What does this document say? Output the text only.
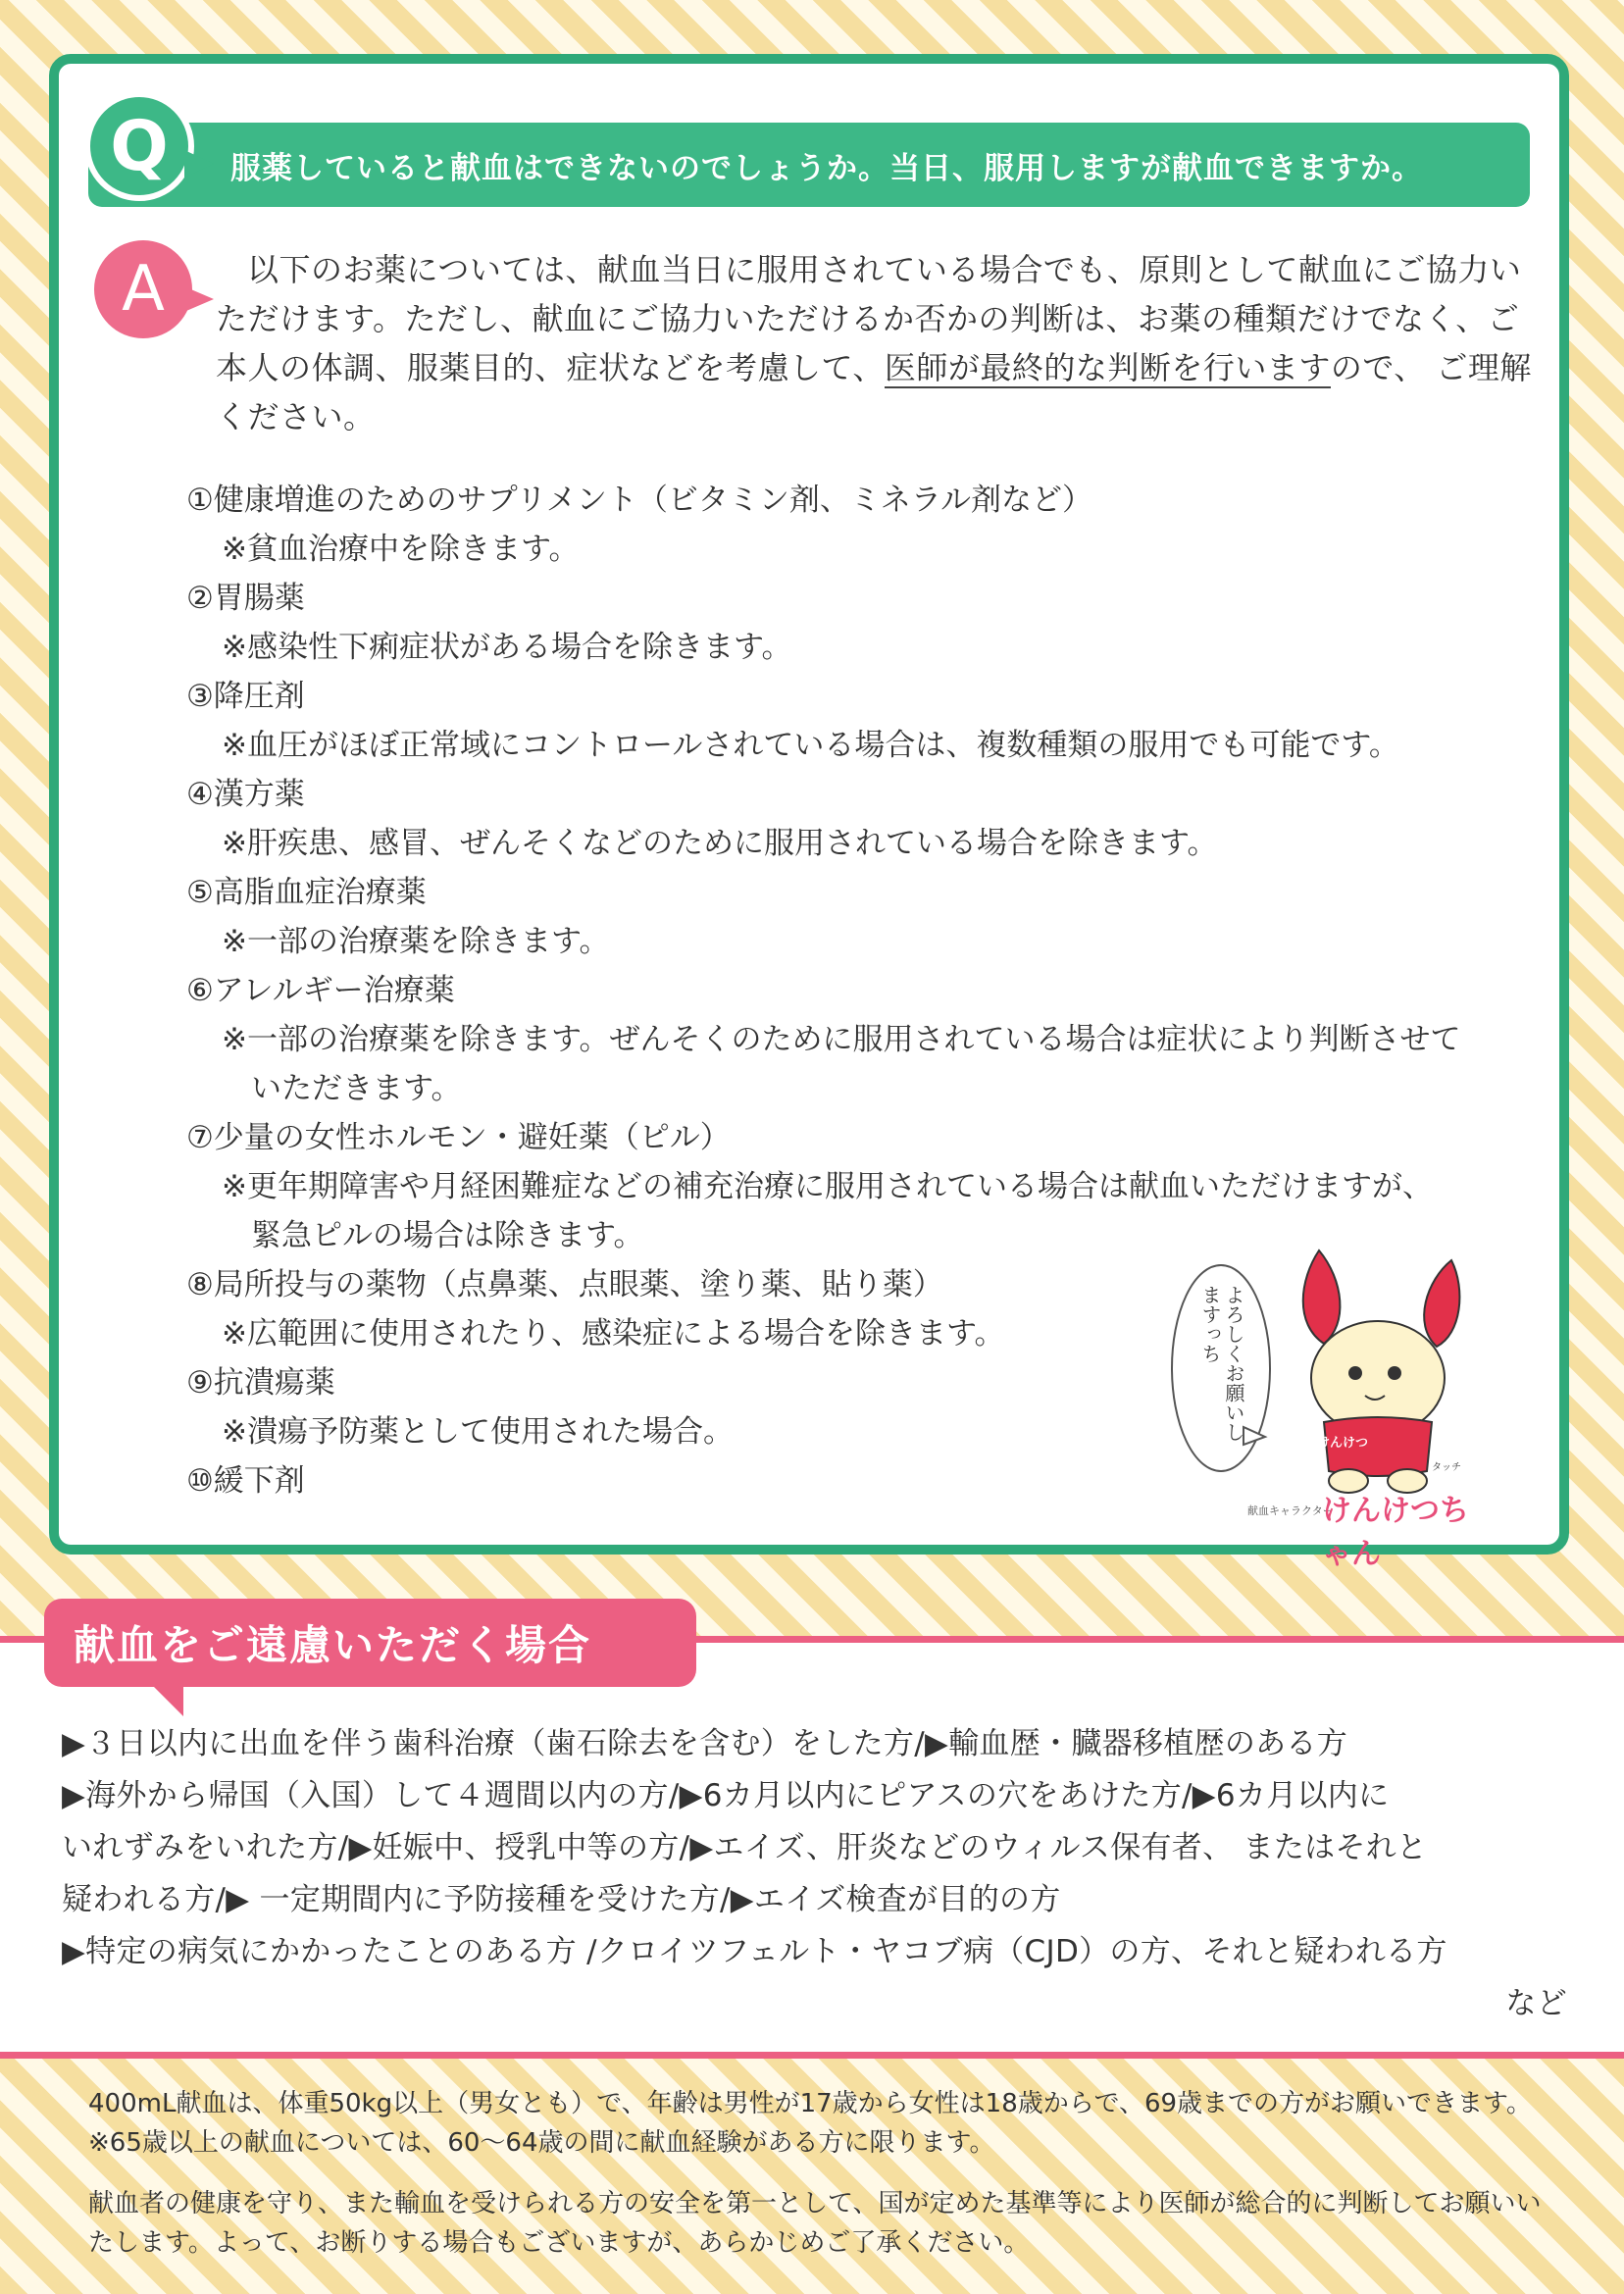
Q	服薬していると献血はできないのでしょうか。当日、服用しますが献血できますか。
A	以下のお薬については、献血当日に服用されている場合でも、原則として献血にご協力いただけます。ただし、献血にご協力いただけるか否かの判断は、お薬の種類だけでなく、ご本人の体調、服薬目的、症状などを考慮して、医師が最終的な判断を行いますので、 ご理解ください。

①健康増進のためのサプリメント（ビタミン剤、ミネラル剤など）

※貧血治療中を除きます。

②胃腸薬

※感染性下痢症状がある場合を除きます。

③降圧剤

※血圧がほぼ正常域にコントロールされている場合は、複数種類の服用でも可能です。

④漢方薬

※肝疾患、感冒、ぜんそくなどのために服用されている場合を除きます。

⑤高脂血症治療薬

※一部の治療薬を除きます。

⑥アレルギー治療薬

※一部の治療薬を除きます。ぜんそくのために服用されている場合は症状により判断させて

いただきます。

⑦少量の女性ホルモン・避妊薬（ピル）

※更年期障害や月経困難症などの補充治療に服用されている場合は献血いただけますが、

緊急ピルの場合は除きます。

⑧局所投与の薬物（点鼻薬、点眼薬、塗り薬、貼り薬）

※広範囲に使用されたり、感染症による場合を除きます。

⑨抗潰瘍薬

※潰瘍予防薬として使用された場合。

⑩緩下剤

よろしくお願いしますっち
けんけつ
タッチ
献血キャラクター
けんけつちゃん
献血をご遠慮いただく場合

▶３日以内に出血を伴う歯科治療（歯石除去を含む）をした方/▶輸血歴・臓器移植歴のある方

▶海外から帰国（入国）して４週間以内の方/▶6カ月以内にピアスの穴をあけた方/▶6カ月以内に

いれずみをいれた方/▶妊娠中、授乳中等の方/▶エイズ、肝炎などのウィルス保有者、 またはそれと

疑われる方/▶ 一定期間内に予防接種を受けた方/▶エイズ検査が目的の方

▶特定の病気にかかったことのある方 /クロイツフェルト・ヤコブ病（CJD）の方、それと疑われる方

など

400mL献血は、体重50kg以上（男女とも）で、年齢は男性が17歳から女性は18歳からで、69歳までの方がお願いできます。※65歳以上の献血については、60～64歳の間に献血経験がある方に限ります。

献血者の健康を守り、また輸血を受けられる方の安全を第一として、国が定めた基準等により医師が総合的に判断してお願いいたします。よって、お断りする場合もございますが、あらかじめご了承ください。
